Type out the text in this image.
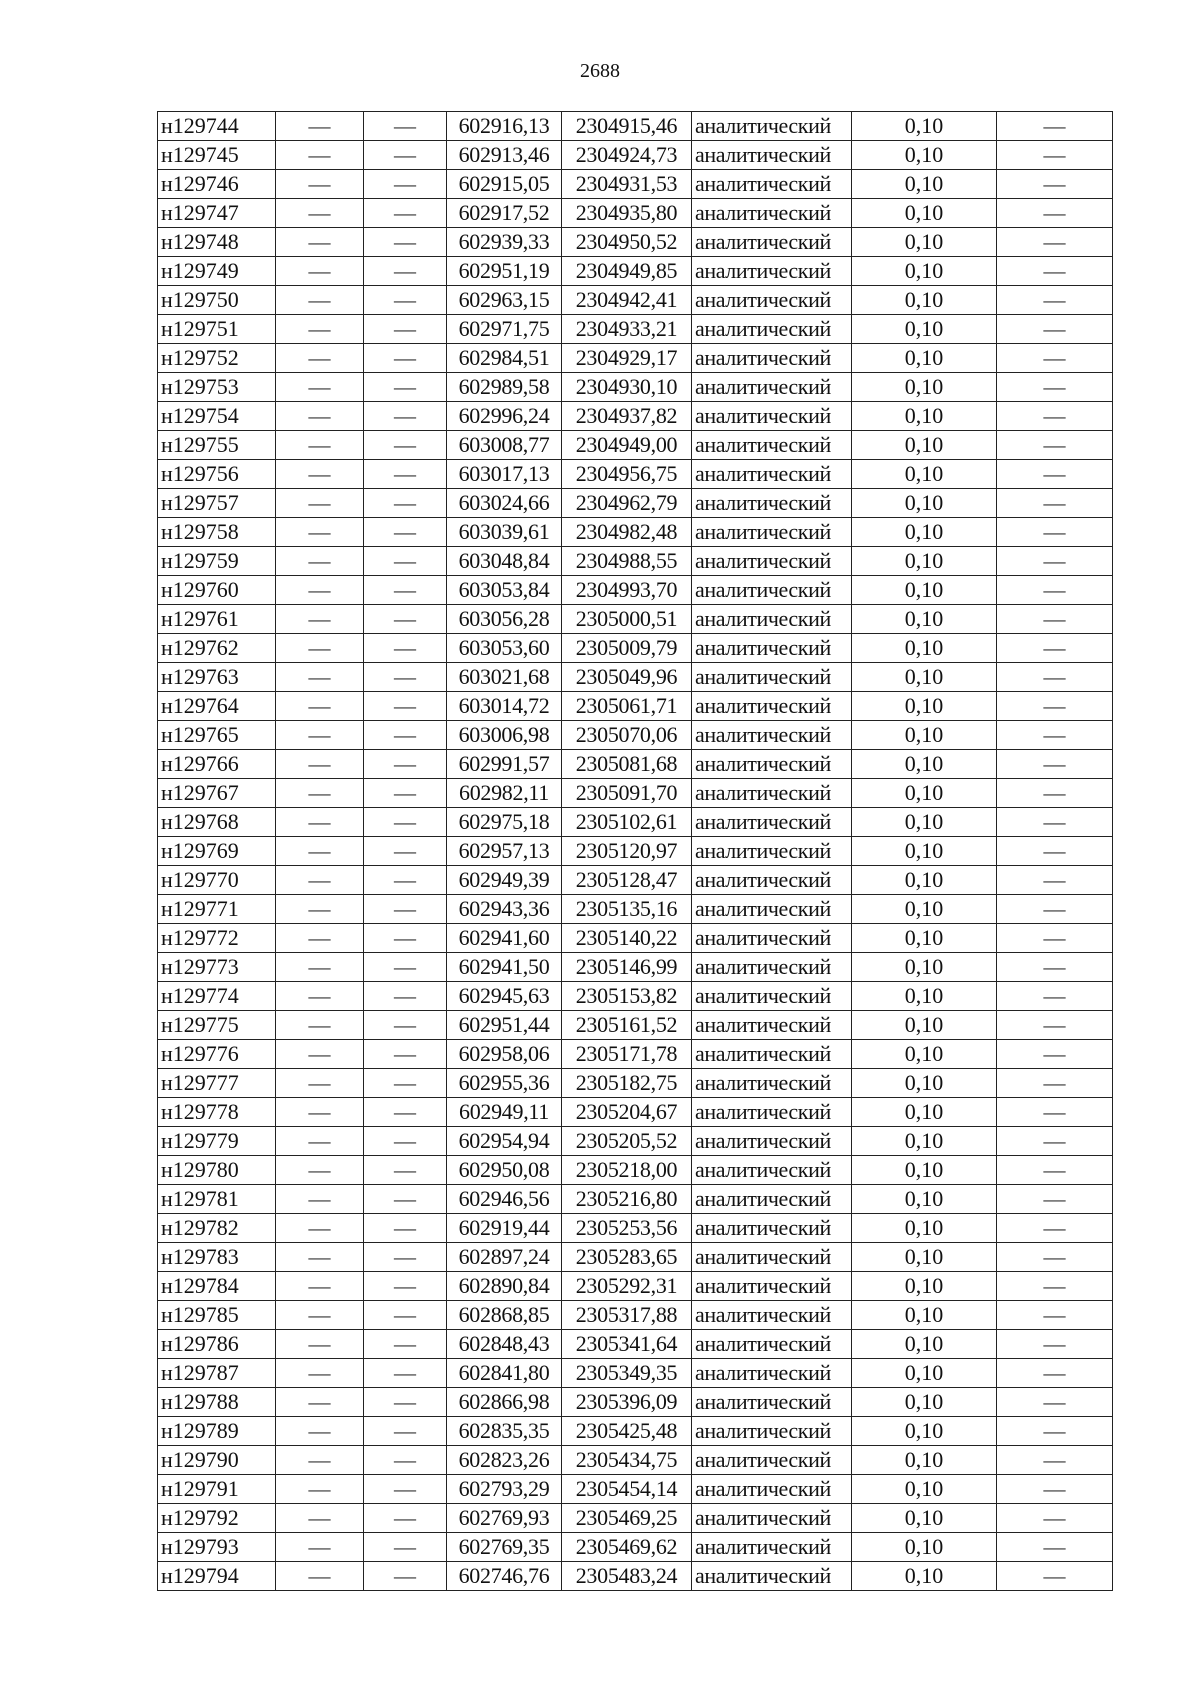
2688
н129744	—	—	602916,13	2304915,46	аналитический	0,10	—
н129745	—	—	602913,46	2304924,73	аналитический	0,10	—
н129746	—	—	602915,05	2304931,53	аналитический	0,10	—
н129747	—	—	602917,52	2304935,80	аналитический	0,10	—
н129748	—	—	602939,33	2304950,52	аналитический	0,10	—
н129749	—	—	602951,19	2304949,85	аналитический	0,10	—
н129750	—	—	602963,15	2304942,41	аналитический	0,10	—
н129751	—	—	602971,75	2304933,21	аналитический	0,10	—
н129752	—	—	602984,51	2304929,17	аналитический	0,10	—
н129753	—	—	602989,58	2304930,10	аналитический	0,10	—
н129754	—	—	602996,24	2304937,82	аналитический	0,10	—
н129755	—	—	603008,77	2304949,00	аналитический	0,10	—
н129756	—	—	603017,13	2304956,75	аналитический	0,10	—
н129757	—	—	603024,66	2304962,79	аналитический	0,10	—
н129758	—	—	603039,61	2304982,48	аналитический	0,10	—
н129759	—	—	603048,84	2304988,55	аналитический	0,10	—
н129760	—	—	603053,84	2304993,70	аналитический	0,10	—
н129761	—	—	603056,28	2305000,51	аналитический	0,10	—
н129762	—	—	603053,60	2305009,79	аналитический	0,10	—
н129763	—	—	603021,68	2305049,96	аналитический	0,10	—
н129764	—	—	603014,72	2305061,71	аналитический	0,10	—
н129765	—	—	603006,98	2305070,06	аналитический	0,10	—
н129766	—	—	602991,57	2305081,68	аналитический	0,10	—
н129767	—	—	602982,11	2305091,70	аналитический	0,10	—
н129768	—	—	602975,18	2305102,61	аналитический	0,10	—
н129769	—	—	602957,13	2305120,97	аналитический	0,10	—
н129770	—	—	602949,39	2305128,47	аналитический	0,10	—
н129771	—	—	602943,36	2305135,16	аналитический	0,10	—
н129772	—	—	602941,60	2305140,22	аналитический	0,10	—
н129773	—	—	602941,50	2305146,99	аналитический	0,10	—
н129774	—	—	602945,63	2305153,82	аналитический	0,10	—
н129775	—	—	602951,44	2305161,52	аналитический	0,10	—
н129776	—	—	602958,06	2305171,78	аналитический	0,10	—
н129777	—	—	602955,36	2305182,75	аналитический	0,10	—
н129778	—	—	602949,11	2305204,67	аналитический	0,10	—
н129779	—	—	602954,94	2305205,52	аналитический	0,10	—
н129780	—	—	602950,08	2305218,00	аналитический	0,10	—
н129781	—	—	602946,56	2305216,80	аналитический	0,10	—
н129782	—	—	602919,44	2305253,56	аналитический	0,10	—
н129783	—	—	602897,24	2305283,65	аналитический	0,10	—
н129784	—	—	602890,84	2305292,31	аналитический	0,10	—
н129785	—	—	602868,85	2305317,88	аналитический	0,10	—
н129786	—	—	602848,43	2305341,64	аналитический	0,10	—
н129787	—	—	602841,80	2305349,35	аналитический	0,10	—
н129788	—	—	602866,98	2305396,09	аналитический	0,10	—
н129789	—	—	602835,35	2305425,48	аналитический	0,10	—
н129790	—	—	602823,26	2305434,75	аналитический	0,10	—
н129791	—	—	602793,29	2305454,14	аналитический	0,10	—
н129792	—	—	602769,93	2305469,25	аналитический	0,10	—
н129793	—	—	602769,35	2305469,62	аналитический	0,10	—
н129794	—	—	602746,76	2305483,24	аналитический	0,10	—
